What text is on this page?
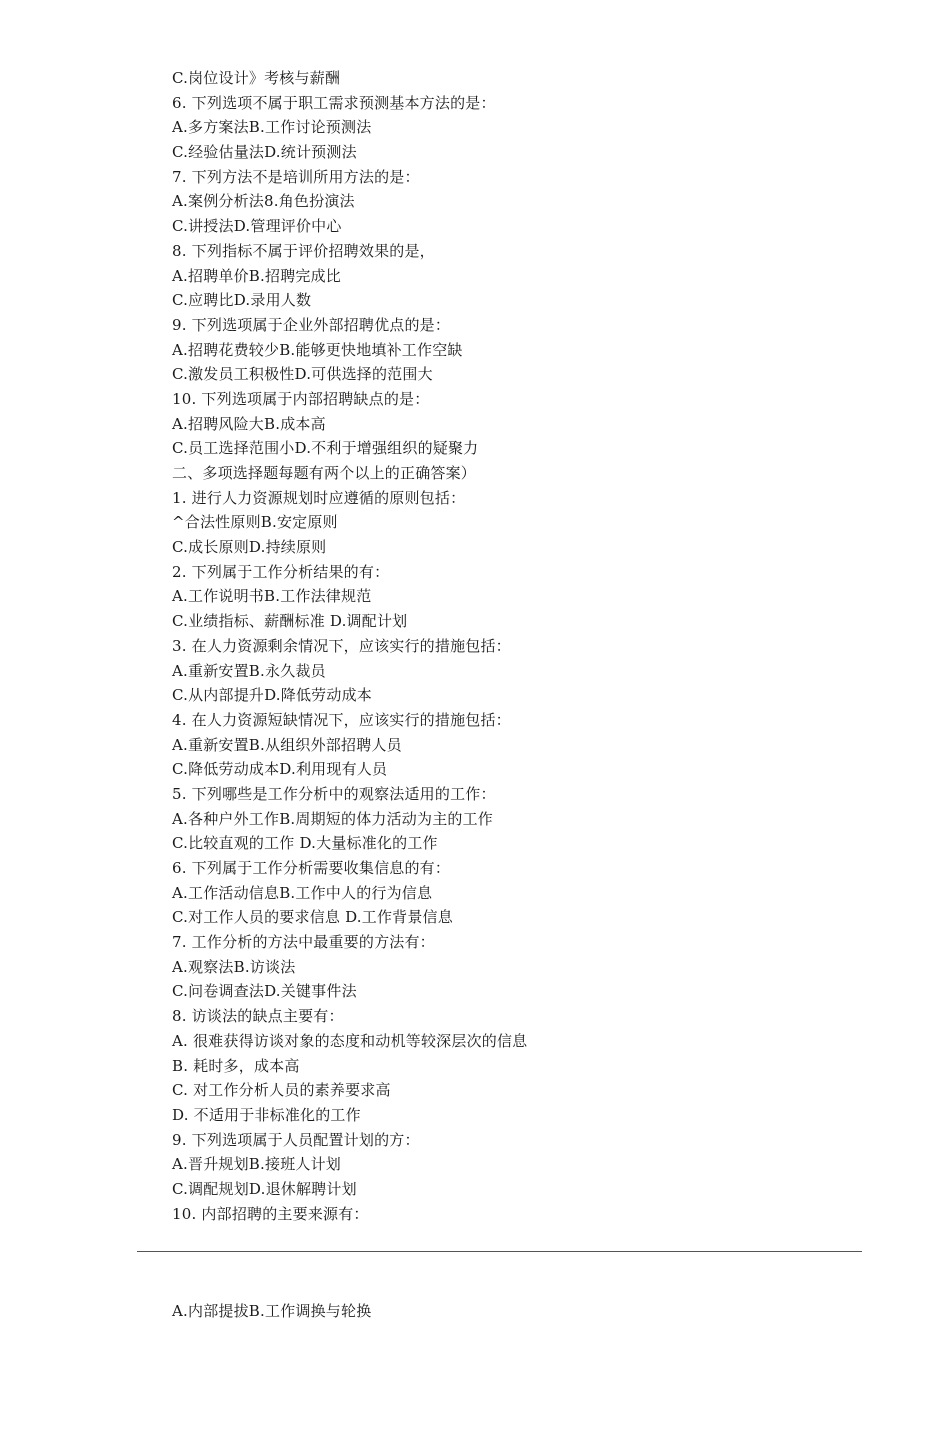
C.岗位设计》考核与薪酬
6. 下列选项不属于职工需求预测基本方法的是：
A.多方案法B.工作讨论预测法
C.经验估量法D.统计预测法
7. 下列方法不是培训所用方法的是：
A.案例分析法8.角色扮演法
C.讲授法D.管理评价中心
8. 下列指标不属于评价招聘效果的是，
A.招聘单价B.招聘完成比
C.应聘比D.录用人数
9. 下列选项属于企业外部招聘优点的是：
A.招聘花费较少B.能够更快地填补工作空缺
C.激发员工积极性D.可供选择的范围大
10. 下列选项属于内部招聘缺点的是：
A.招聘风险大B.成本高
C.员工选择范围小D.不利于增强组织的疑聚力
二、多项选择题每题有两个以上的正确答案）
1. 进行人力资源规划时应遵循的原则包括：
^合法性原则B.安定原则
C.成长原则D.持续原则
2. 下列属于工作分析结果的有：
A.工作说明书B.工作法律规范
C.业绩指标、薪酬标准 D.调配计划
3. 在人力资源剩余情况下，应该实行的措施包括：
A.重新安置B.永久裁员
C.从内部提升D.降低劳动成本
4. 在人力资源短缺情况下，应该实行的措施包括：
A.重新安置B.从组织外部招聘人员
C.降低劳动成本D.利用现有人员
5. 下列哪些是工作分析中的观察法适用的工作：
A.各种户外工作B.周期短的体力活动为主的工作
C.比较直观的工作 D.大量标准化的工作
6. 下列属于工作分析需要收集信息的有：
A.工作活动信息B.工作中人的行为信息
C.对工作人员的要求信息 D.工作背景信息
7. 工作分析的方法中最重要的方法有：
A.观察法B.访谈法
C.问卷调查法D.关键事件法
8. 访谈法的缺点主要有：
A. 很难获得访谈对象的态度和动机等较深层次的信息
B. 耗时多，成本高
C. 对工作分析人员的素养要求高
D. 不适用于非标准化的工作
9. 下列选项属于人员配置计划的方：
A.晋升规划B.接班人计划
C.调配规划D.退休解聘计划
10. 内部招聘的主要来源有：
A.内部提拔B.工作调换与轮换
